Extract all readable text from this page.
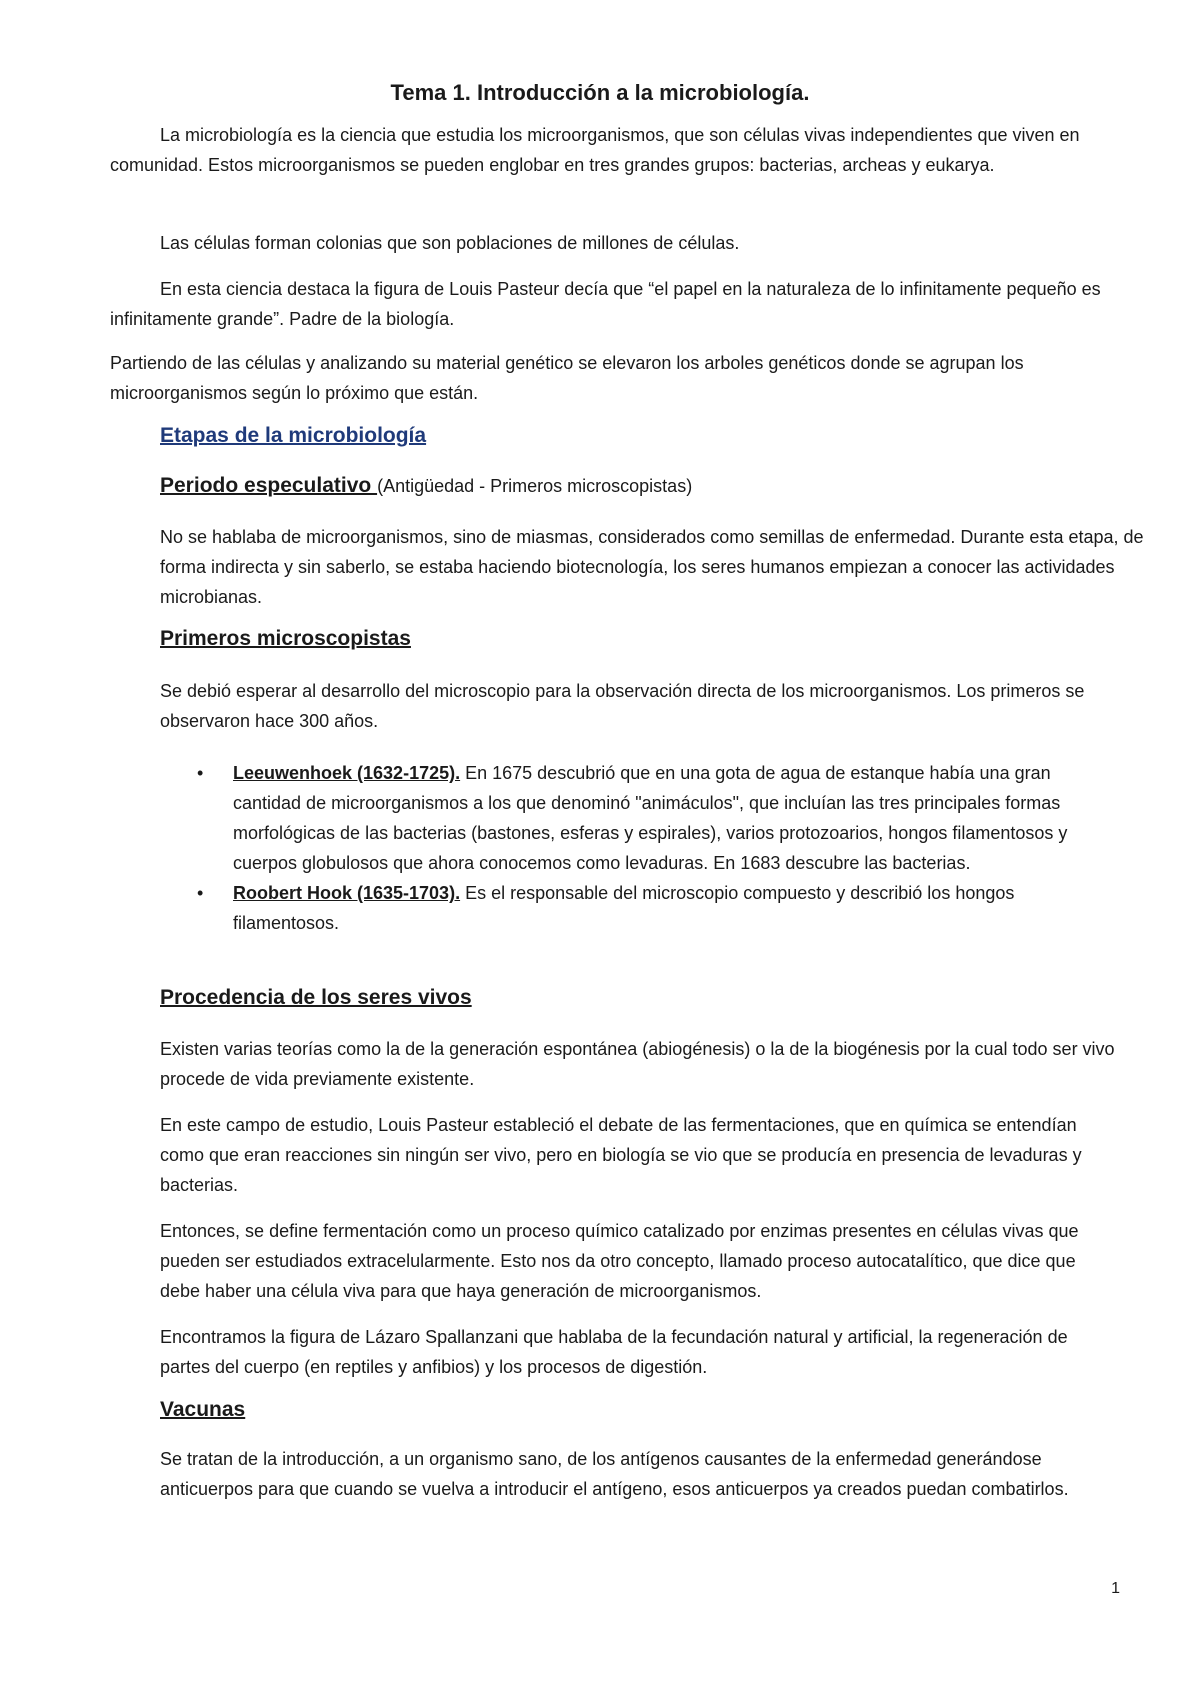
Tema 1. Introducción a la microbiología.

La microbiología es la ciencia que estudia los microorganismos, que son células vivas independientes que viven en comunidad. Estos microorganismos se pueden englobar en tres grandes grupos: bacterias, archeas y eukarya.

Las células forman colonias que son poblaciones de millones de células.

En esta ciencia destaca la figura de Louis Pasteur decía que “el papel en la naturaleza de lo infinitamente pequeño es infinitamente grande”. Padre de la biología.

Partiendo de las células y analizando su material genético se elevaron los arboles genéticos donde se agrupan los microorganismos según lo próximo que están.

Etapas de la microbiología
Periodo especulativo (Antigüedad - Primeros microscopistas)

No se hablaba de microorganismos, sino de miasmas, considerados como semillas de enfermedad. Durante esta etapa, de forma indirecta y sin saberlo, se estaba haciendo biotecnología, los seres humanos empiezan a conocer las actividades microbianas.

Primeros microscopistas

Se debió esperar al desarrollo del microscopio para la observación directa de los microorganismos. Los primeros se observaron hace 300 años.

• Leeuwenhoek (1632-1725). En 1675 descubrió que en una gota de agua de estanque había una gran cantidad de microorganismos a los que denominó "animáculos", que incluían las tres principales formas morfológicas de las bacterias (bastones, esferas y espirales), varios protozoarios, hongos filamentosos y cuerpos globulosos que ahora conocemos como levaduras. En 1683 descubre las bacterias.
• Roobert Hook (1635-1703). Es el responsable del microscopio compuesto y describió los hongos filamentosos.
Procedencia de los seres vivos

Existen varias teorías como la de la generación espontánea (abiogénesis) o la de la biogénesis por la cual todo ser vivo procede de vida previamente existente.

En este campo de estudio, Louis Pasteur estableció el debate de las fermentaciones, que en química se entendían como que eran reacciones sin ningún ser vivo, pero en biología se vio que se producía en presencia de levaduras y bacterias.

Entonces, se define fermentación como un proceso químico catalizado por enzimas presentes en células vivas que pueden ser estudiados extracelularmente. Esto nos da otro concepto, llamado proceso autocatalítico, que dice que debe haber una célula viva para que haya generación de microorganismos.

Encontramos la figura de Lázaro Spallanzani que hablaba de la fecundación natural y artificial, la regeneración de partes del cuerpo (en reptiles y anfibios) y los procesos de digestión.

Vacunas

Se tratan de la introducción, a un organismo sano, de los antígenos causantes de la enfermedad generándose anticuerpos para que cuando se vuelva a introducir el antígeno, esos anticuerpos ya creados puedan combatirlos.

1
